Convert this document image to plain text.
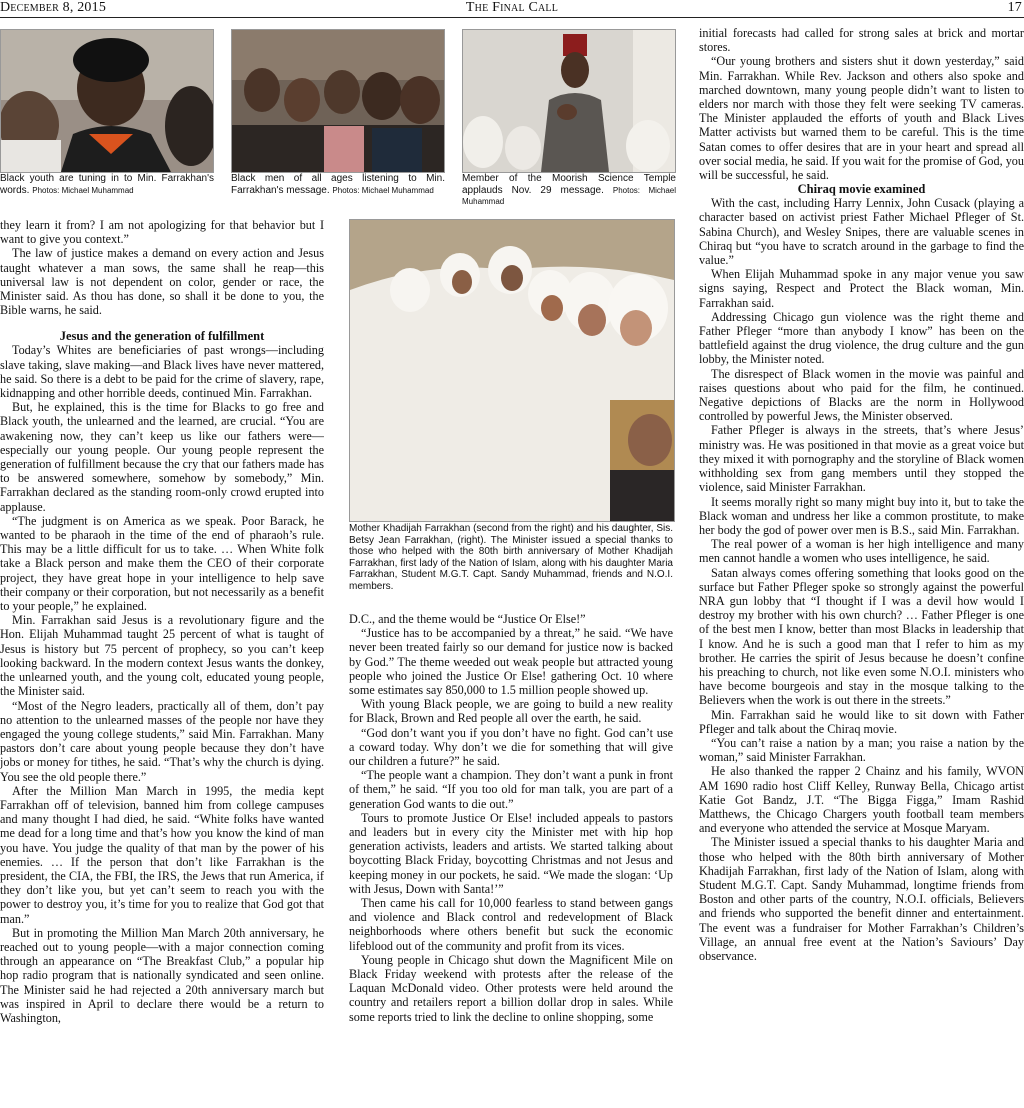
December 8, 2015	The Final Call	17
Black youth are tuning in to Min. Farrakhan's words. Photos: Michael Muhammad
Black men of all ages listening to Min. Farrakhan's message. Photos: Michael Muhammad
Member of the Moorish Science Temple applauds Nov. 29 message. Photos: Michael Muhammad
Mother Khadijah Farrakhan (second from the right) and his daughter, Sis. Betsy Jean Farrakhan, (right). The Minister issued a special thanks to those who helped with the 80th birth anniversary of Mother Khadijah Farrakhan, first lady of the Nation of Islam, along with his daughter Maria Farrakhan, Student M.G.T. Capt. Sandy Muhammad, friends and N.O.I. members.

they learn it from? I am not apologizing for that behavior but I want to give you context.”

The law of justice makes a demand on every action and Jesus taught whatever a man sows, the same shall he reap—this universal law is not dependent on color, gender or race, the Minister said. As thou has done, so shall it be done to you, the Bible warns, he said.

Jesus and the generation of fulfillment

Today’s Whites are beneficiaries of past wrongs—including slave taking, slave making—and Black lives have never mattered, he said. So there is a debt to be paid for the crime of slavery, rape, kidnapping and other horrible deeds, continued Min. Farrakhan.

But, he explained, this is the time for Blacks to go free and Black youth, the unlearned and the learned, are crucial. “You are awakening now, they can’t keep us like our fathers were—especially our young people. Our young people represent the generation of fulfillment because the cry that our fathers made has to be answered somewhere, somehow by somebody,” Min. Farrakhan declared as the standing room-only crowd erupted into applause.

“The judgment is on America as we speak. Poor Barack, he wanted to be pharaoh in the time of the end of pharaoh’s rule. This may be a little difficult for us to take. … When White folk take a Black person and make them the CEO of their corporate project, they have great hope in your intelligence to help save their company or their corporation, but not necessarily as a benefit to your people,” he explained.

Min. Farrakhan said Jesus is a revolutionary figure and the Hon. Elijah Muhammad taught 25 percent of what is taught of Jesus is history but 75 percent of prophecy, so you can’t keep looking backward. In the modern context Jesus wants the donkey, the unlearned youth, and the young colt, educated young people, the Minister said.

“Most of the Negro leaders, practically all of them, don’t pay no attention to the unlearned masses of the people nor have they engaged the young college students,” said Min. Farrakhan. Many pastors don’t care about young people because they don’t have jobs or money for tithes, he said. “That’s why the church is dying. You see the old people there.”

After the Million Man March in 1995, the media kept Farrakhan off of television, banned him from college campuses and many thought I had died, he said. “White folks have wanted me dead for a long time and that’s how you know the kind of man you have. You judge the quality of that man by the power of his enemies. … If the person that don’t like Farrakhan is the president, the CIA, the FBI, the IRS, the Jews that run America, if they don’t like you, but yet can’t seem to reach you with the power to destroy you, it’s time for you to realize that God got that man.”

But in promoting the Million Man March 20th anniversary, he reached out to young people—with a major connection coming through an appearance on “The Breakfast Club,” a popular hip hop radio program that is nationally syndicated and seen online. The Minister said he had rejected a 20th anniversary march but was inspired in April to declare there would be a return to Washington,

D.C., and the theme would be “Justice Or Else!”

“Justice has to be accompanied by a threat,” he said. “We have never been treated fairly so our demand for justice now is backed by God.” The theme weeded out weak people but attracted young people who joined the Justice Or Else! gathering Oct. 10 where some estimates say 850,000 to 1.5 million people showed up.

With young Black people, we are going to build a new reality for Black, Brown and Red people all over the earth, he said.

“God don’t want you if you don’t have no fight. God can’t use a coward today. Why don’t we die for something that will give our children a future?” he said.

“The people want a champion. They don’t want a punk in front of them,” he said. “If you too old for man talk, you are part of a generation God wants to die out.”

Tours to promote Justice Or Else! included appeals to pastors and leaders but in every city the Minister met with hip hop generation activists, leaders and artists. We started talking about boycotting Black Friday, boycotting Christmas and not Jesus and keeping money in our pockets, he said. “We made the slogan: ‘Up with Jesus, Down with Santa!’”

Then came his call for 10,000 fearless to stand between gangs and violence and Black control and redevelopment of Black neighborhoods where others benefit but suck the economic lifeblood out of the community and profit from its vices.

Young people in Chicago shut down the Magnificent Mile on Black Friday weekend with protests after the release of the Laquan McDonald video. Other protests were held around the country and retailers report a billion dollar drop in sales. While some reports tried to link the decline to online shopping, some

initial forecasts had called for strong sales at brick and mortar stores.

“Our young brothers and sisters shut it down yesterday,” said Min. Farrakhan. While Rev. Jackson and others also spoke and marched downtown, many young people didn’t want to listen to elders nor march with those they felt were seeking TV cameras. The Minister applauded the efforts of youth and Black Lives Matter activists but warned them to be careful. This is the time Satan comes to offer desires that are in your heart and spread all over social media, he said. If you wait for the promise of God, you will be successful, he said.

Chiraq movie examined

With the cast, including Harry Lennix, John Cusack (playing a character based on activist priest Father Michael Pfleger of St. Sabina Church), and Wesley Snipes, there are valuable scenes in Chiraq but “you have to scratch around in the garbage to find the value.”

When Elijah Muhammad spoke in any major venue you saw signs saying, Respect and Protect the Black woman, Min. Farrakhan said.

Addressing Chicago gun violence was the right theme and Father Pfleger “more than anybody I know” has been on the battlefield against the drug violence, the drug culture and the gun lobby, the Minister noted.

The disrespect of Black women in the movie was painful and raises questions about who paid for the film, he continued. Negative depictions of Blacks are the norm in Hollywood controlled by powerful Jews, the Minister observed.

Father Pfleger is always in the streets, that’s where Jesus’ ministry was. He was positioned in that movie as a great voice but they mixed it with pornography and the storyline of Black women withholding sex from gang members until they stopped the violence, said Minister Farrakhan.

It seems morally right so many might buy into it, but to take the Black woman and undress her like a common prostitute, to make her body the god of power over men is B.S., said Min. Farrakhan.

The real power of a woman is her high intelligence and many men cannot handle a women who uses intelligence, he said.

Satan always comes offering something that looks good on the surface but Father Pfleger spoke so strongly against the powerful NRA gun lobby that “I thought if I was a devil how would I destroy my brother with his own church? … Father Pfleger is one of the best men I know, better than most Blacks in leadership that I know. And he is such a good man that I refer to him as my brother. He carries the spirit of Jesus because he doesn’t confine his preaching to church, not like even some N.O.I. ministers who have become bourgeois and stay in the mosque talking to the Believers when the work is out there in the streets.”

Min. Farrakhan said he would like to sit down with Father Pfleger and talk about the Chiraq movie.

“You can’t raise a nation by a man; you raise a nation by the woman,” said Minister Farrakhan.

He also thanked the rapper 2 Chainz and his family, WVON AM 1690 radio host Cliff Kelley, Runway Bella, Chicago artist Katie Got Bandz, J.T. “The Bigga Figga,” Imam Rashid Matthews, the Chicago Chargers youth football team members and everyone who attended the service at Mosque Maryam.

The Minister issued a special thanks to his daughter Maria and those who helped with the 80th birth anniversary of Mother Khadijah Farrakhan, first lady of the Nation of Islam, along with Student M.G.T. Capt. Sandy Muhammad, longtime friends from Boston and other parts of the country, N.O.I. officials, Believers and friends who supported the benefit dinner and entertainment. The event was a fundraiser for Mother Farrakhan’s Children’s Village, an annual free event at the Nation’s Saviours’ Day observance.
